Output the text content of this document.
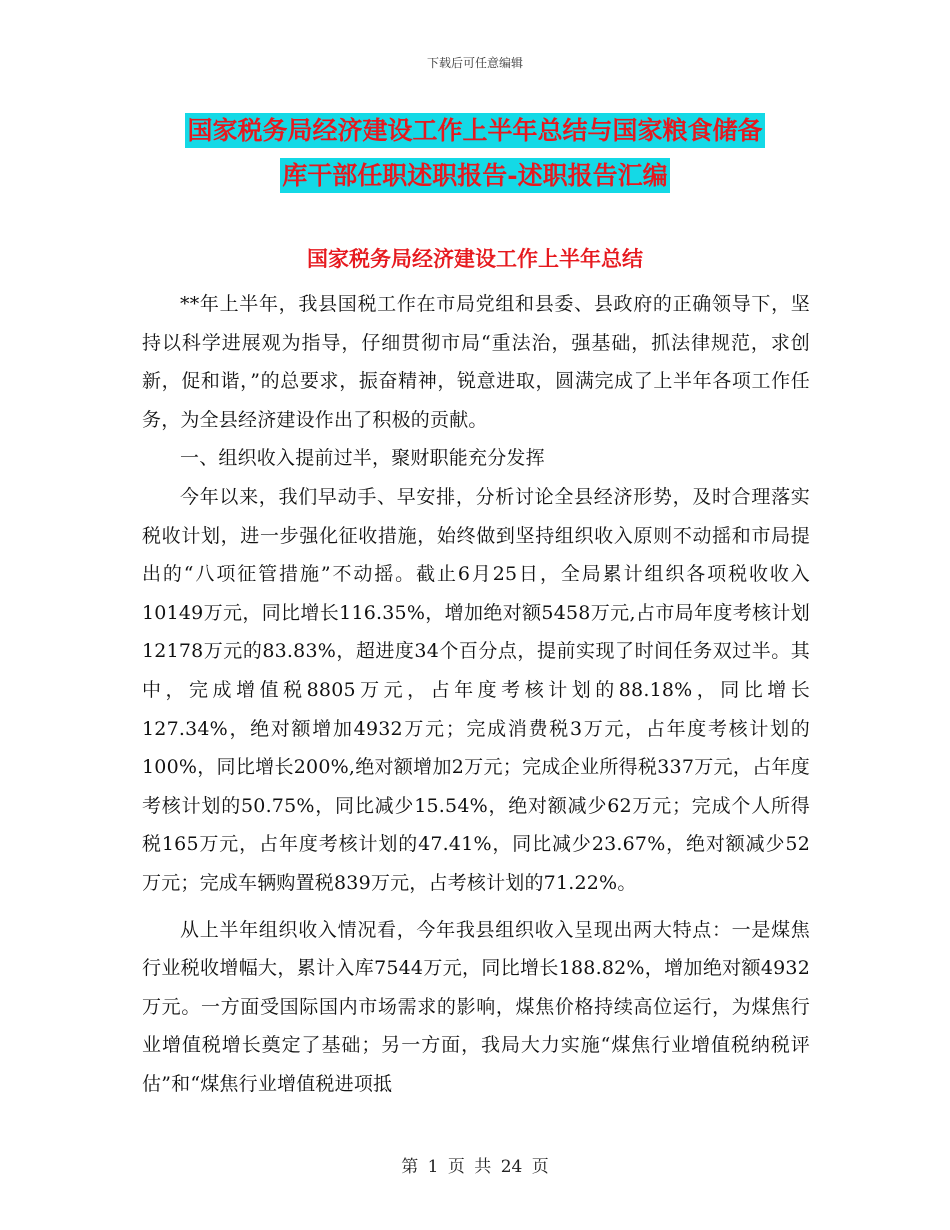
下载后可任意编辑
国家税务局经济建设工作上半年总结与国家粮食储备
库干部任职述职报告-述职报告汇编
国家税务局经济建设工作上半年总结

**年上半年，我县国税工作在市局党组和县委、县政府的正确领导下，坚持以科学进展观为指导，仔细贯彻市局“重法治，强基础，抓法律规范，求创新，促和谐，”的总要求，振奋精神，锐意进取，圆满完成了上半年各项工作任务，为全县经济建设作出了积极的贡献。

一、组织收入提前过半，聚财职能充分发挥

今年以来，我们早动手、早安排，分析讨论全县经济形势，及时合理落实税收计划，进一步强化征收措施，始终做到坚持组织收入原则不动摇和市局提出的“八项征管措施”不动摇。截止6月25日，全局累计组织各项税收收入10149万元，同比增长116.35%，增加绝对额5458万元,占市局年度考核计划12178万元的83.83%，超进度34个百分点，提前实现了时间任务双过半。其中，完成增值税8805万元，占年度考核计划的88.18%，同比增长127.34%，绝对额增加4932万元；完成消费税3万元，占年度考核计划的100%，同比增长200%,绝对额增加2万元；完成企业所得税337万元，占年度考核计划的50.75%，同比减少15.54%，绝对额减少62万元；完成个人所得税165万元，占年度考核计划的47.41%，同比减少23.67%，绝对额减少52万元；完成车辆购置税839万元，占考核计划的71.22%。

从上半年组织收入情况看，今年我县组织收入呈现出两大特点：一是煤焦行业税收增幅大，累计入库7544万元，同比增长188.82%，增加绝对额4932万元。一方面受国际国内市场需求的影响，煤焦价格持续高位运行，为煤焦行业增值税增长奠定了基础；另一方面，我局大力实施“煤焦行业增值税纳税评估”和“煤焦行业增值税进项抵

第 1 页 共 24 页
